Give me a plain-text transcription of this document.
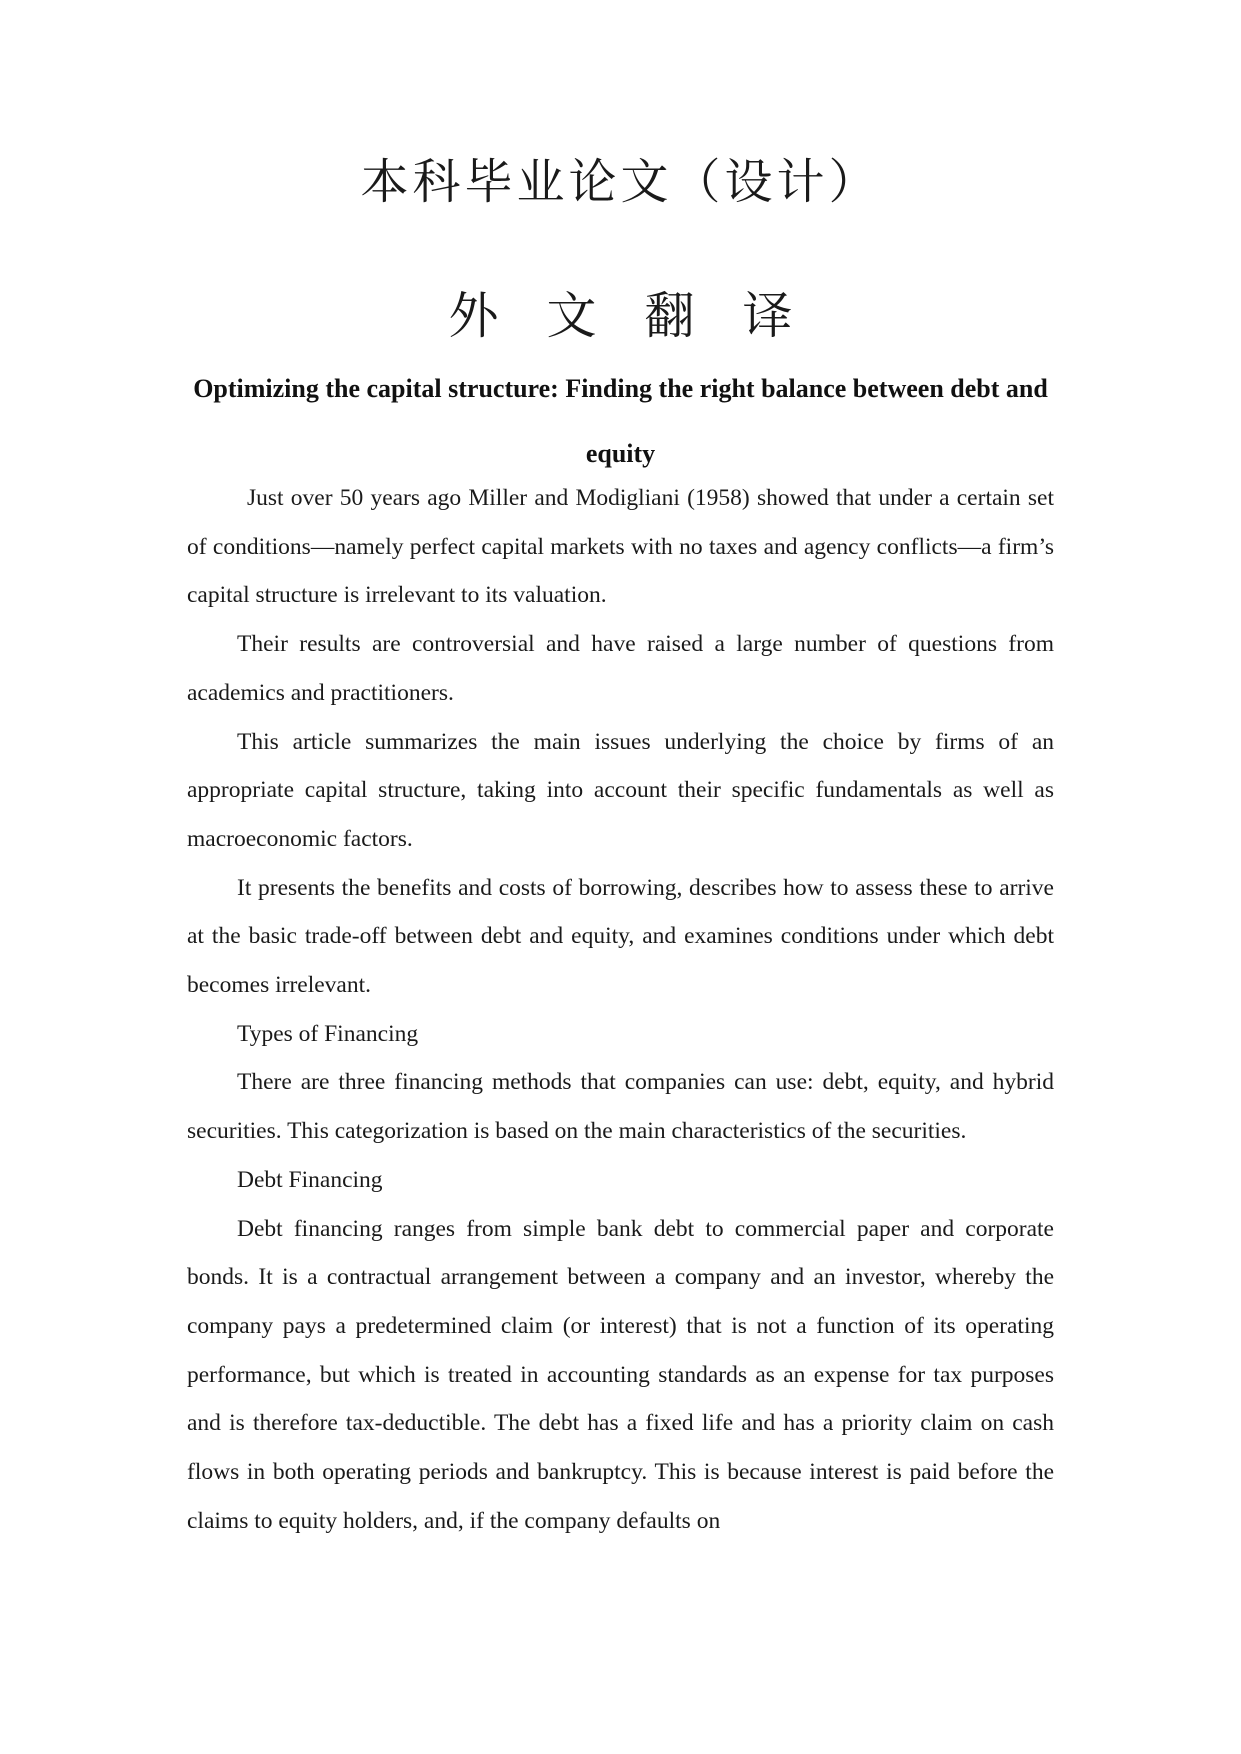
本科毕业论文（设计）
外文翻译
Optimizing the capital structure: Finding the right balance between debt and equity

Just over 50 years ago Miller and Modigliani (1958) showed that under a certain set of conditions—namely perfect capital markets with no taxes and agency conflicts—a firm’s capital structure is irrelevant to its valuation.

Their results are controversial and have raised a large number of questions from academics and practitioners.

This article summarizes the main issues underlying the choice by firms of an appropriate capital structure, taking into account their specific fundamentals as well as macroeconomic factors.

It presents the benefits and costs of borrowing, describes how to assess these to arrive at the basic trade-off between debt and equity, and examines conditions under which debt becomes irrelevant.

Types of Financing

There are three financing methods that companies can use: debt, equity, and hybrid securities. This categorization is based on the main characteristics of the securities.

Debt Financing

Debt financing ranges from simple bank debt to commercial paper and corporate bonds. It is a contractual arrangement between a company and an investor, whereby the company pays a predetermined claim (or interest) that is not a function of its operating performance, but which is treated in accounting standards as an expense for tax purposes and is therefore tax-deductible. The debt has a fixed life and has a priority claim on cash flows in both operating periods and bankruptcy. This is because interest is paid before the claims to equity holders, and, if the company defaults on
